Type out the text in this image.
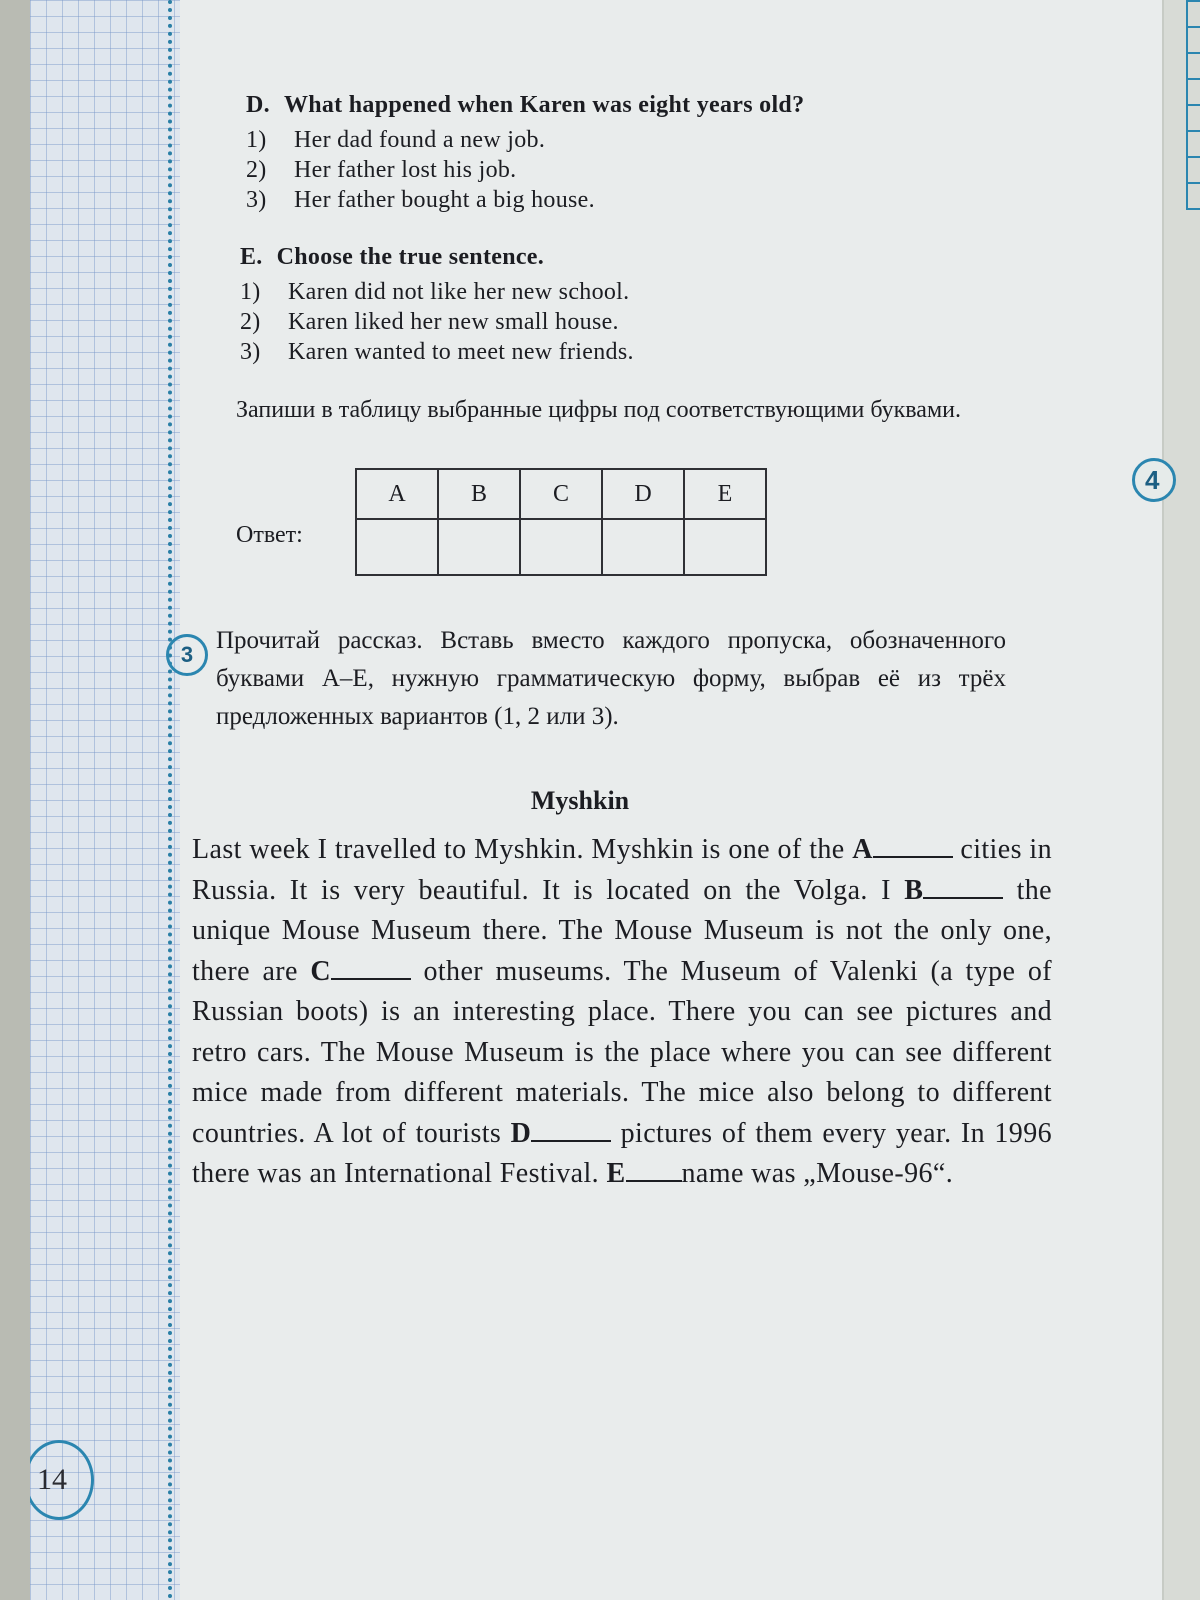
14
4
D. What happened when Karen was eight years old?
1) Her dad found a new job.
2) Her father lost his job.
3) Her father bought a big house.
E. Choose the true sentence.
1) Karen did not like her new school.
2) Karen liked her new small house.
3) Karen wanted to meet new friends.
Запиши в таблицу выбранные цифры под соответствующими буквами.
Ответ:
A	B	C	D	E

3
Прочитай рассказ. Вставь вместо каждого пропуска, обозначенного буквами A–E, нужную грамматическую форму, выбрав её из трёх предложенных вариантов (1, 2 или 3).
Myshkin
Last week I travelled to Myshkin. Myshkin is one of the A	cities in Russia. It is very beautiful. It is located on the Volga. I B	the unique Mouse Museum there. The Mouse Museum is not the only one, there are C	other museums. The Museum of Valenki (a type of Russian boots) is an interesting place. There you can see pictures and retro cars. The Mouse Museum is the place where you can see different mice made from different materials. The mice also belong to different countries. A lot of tourists D	pictures of them every year. In 1996 there was an International Festival. E name was „Mouse-96“.
